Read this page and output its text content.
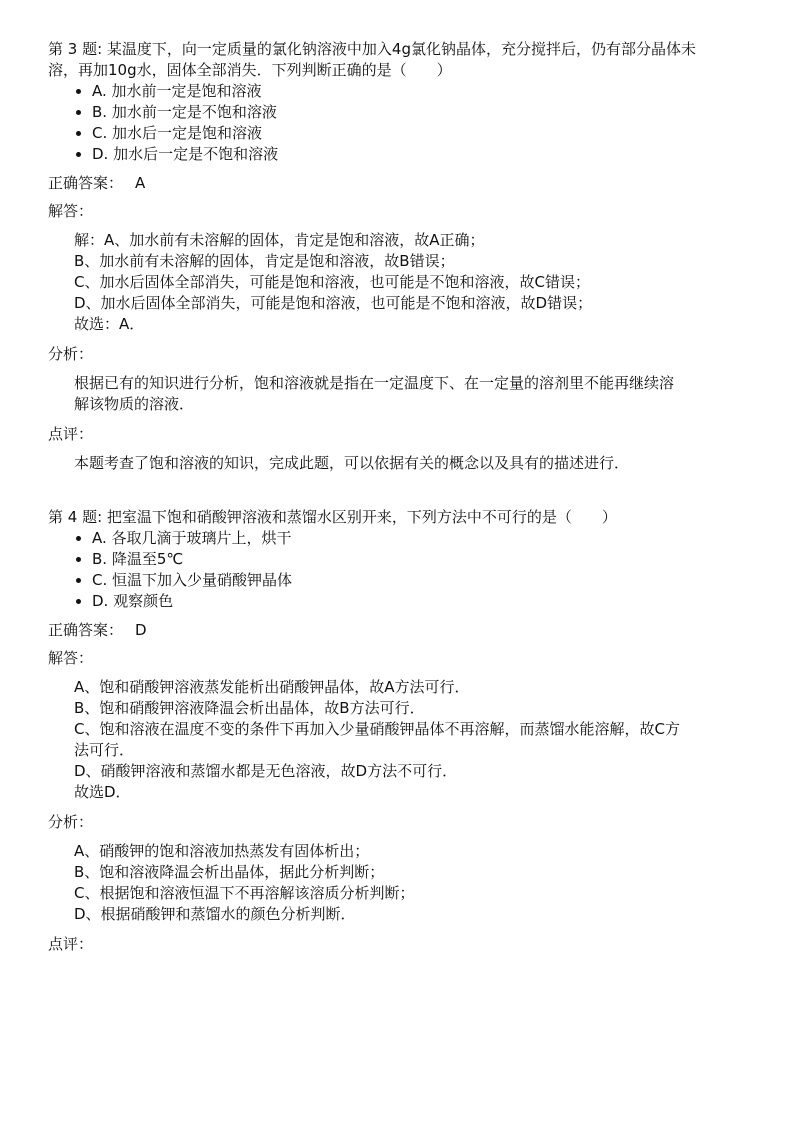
第 3 题: 某温度下，向一定质量的氯化钠溶液中加入4g氯化钠晶体，充分搅拌后，仍有部分晶体未

溶，再加10g水，固体全部消失．下列判断正确的是（　　）

A. 加水前一定是饱和溶液
B. 加水前一定是不饱和溶液
C. 加水后一定是饱和溶液
D. 加水后一定是不饱和溶液

正确答案： A

解答：

解：A、加水前有未溶解的固体，肯定是饱和溶液，故A正确；

B、加水前有未溶解的固体，肯定是饱和溶液，故B错误；

C、加水后固体全部消失，可能是饱和溶液，也可能是不饱和溶液，故C错误；

D、加水后固体全部消失，可能是饱和溶液，也可能是不饱和溶液，故D错误；

故选：A．

分析：

根据已有的知识进行分析，饱和溶液就是指在一定温度下、在一定量的溶剂里不能再继续溶

解该物质的溶液．

点评：

本题考查了饱和溶液的知识，完成此题，可以依据有关的概念以及具有的描述进行．

第 4 题: 把室温下饱和硝酸钾溶液和蒸馏水区别开来，下列方法中不可行的是（　　）

A. 各取几滴于玻璃片上，烘干
B. 降温至5℃
C. 恒温下加入少量硝酸钾晶体
D. 观察颜色

正确答案： D

解答：

A、饱和硝酸钾溶液蒸发能析出硝酸钾晶体，故A方法可行．

B、饱和硝酸钾溶液降温会析出晶体，故B方法可行．

C、饱和溶液在温度不变的条件下再加入少量硝酸钾晶体不再溶解，而蒸馏水能溶解，故C方

法可行．

D、硝酸钾溶液和蒸馏水都是无色溶液，故D方法不可行．

故选D．

分析：

A、硝酸钾的饱和溶液加热蒸发有固体析出；

B、饱和溶液降温会析出晶体，据此分析判断；

C、根据饱和溶液恒温下不再溶解该溶质分析判断；

D、根据硝酸钾和蒸馏水的颜色分析判断．

点评：
